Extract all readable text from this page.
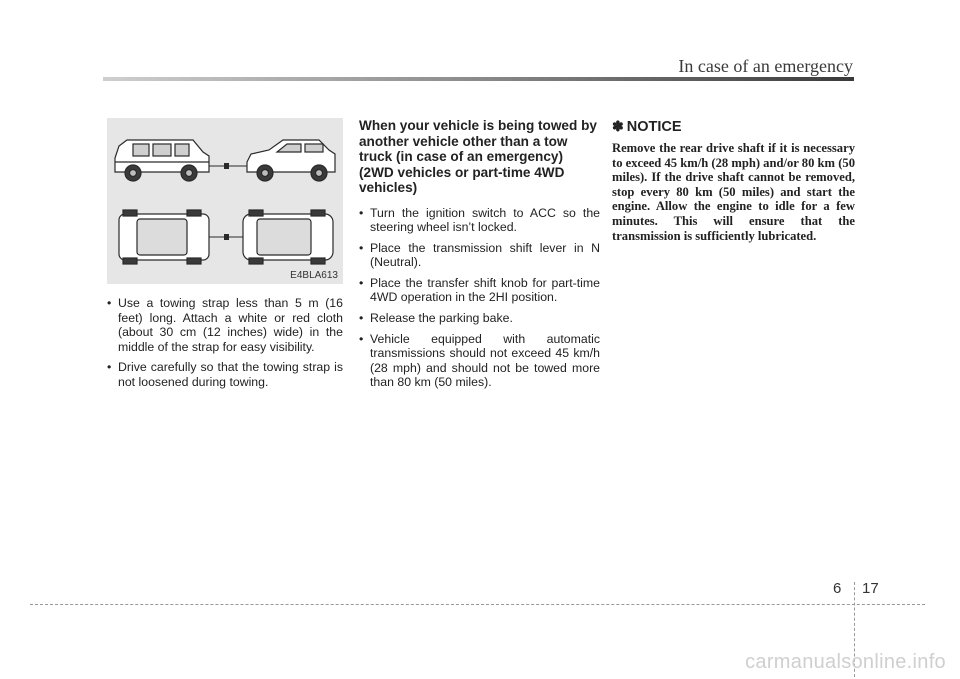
In case of an emergency
E4BLA613
• Use a towing strap less than 5 m (16 feet) long. Attach a white or red cloth (about 30 cm (12 inches) wide) in the middle of the strap for easy visibility.
• Drive carefully so that the towing strap is not loosened during towing.
When your vehicle is being towed by another vehicle other than a tow truck (in case of an emergency) (2WD vehicles or part-time 4WD vehicles)
• Turn the ignition switch to ACC so the steering wheel isn’t locked.
• Place the transmission shift lever in N (Neutral).
• Place the transfer shift knob for part-time 4WD operation in the 2HI position.
• Release the parking bake.
• Vehicle equipped with automatic transmissions should not exceed 45 km/h (28 mph) and should not be towed more than 80 km (50 miles).
✽ NOTICE

Remove the rear drive shaft if it is necessary to exceed 45 km/h (28 mph) and/or 80 km (50 miles). If the drive shaft cannot be removed, stop every 80 km (50 miles) and start the engine. Allow the engine to idle for a few minutes. This will ensure that the transmission is sufficiently lubricated.

6 17
carmanualsonline.info
